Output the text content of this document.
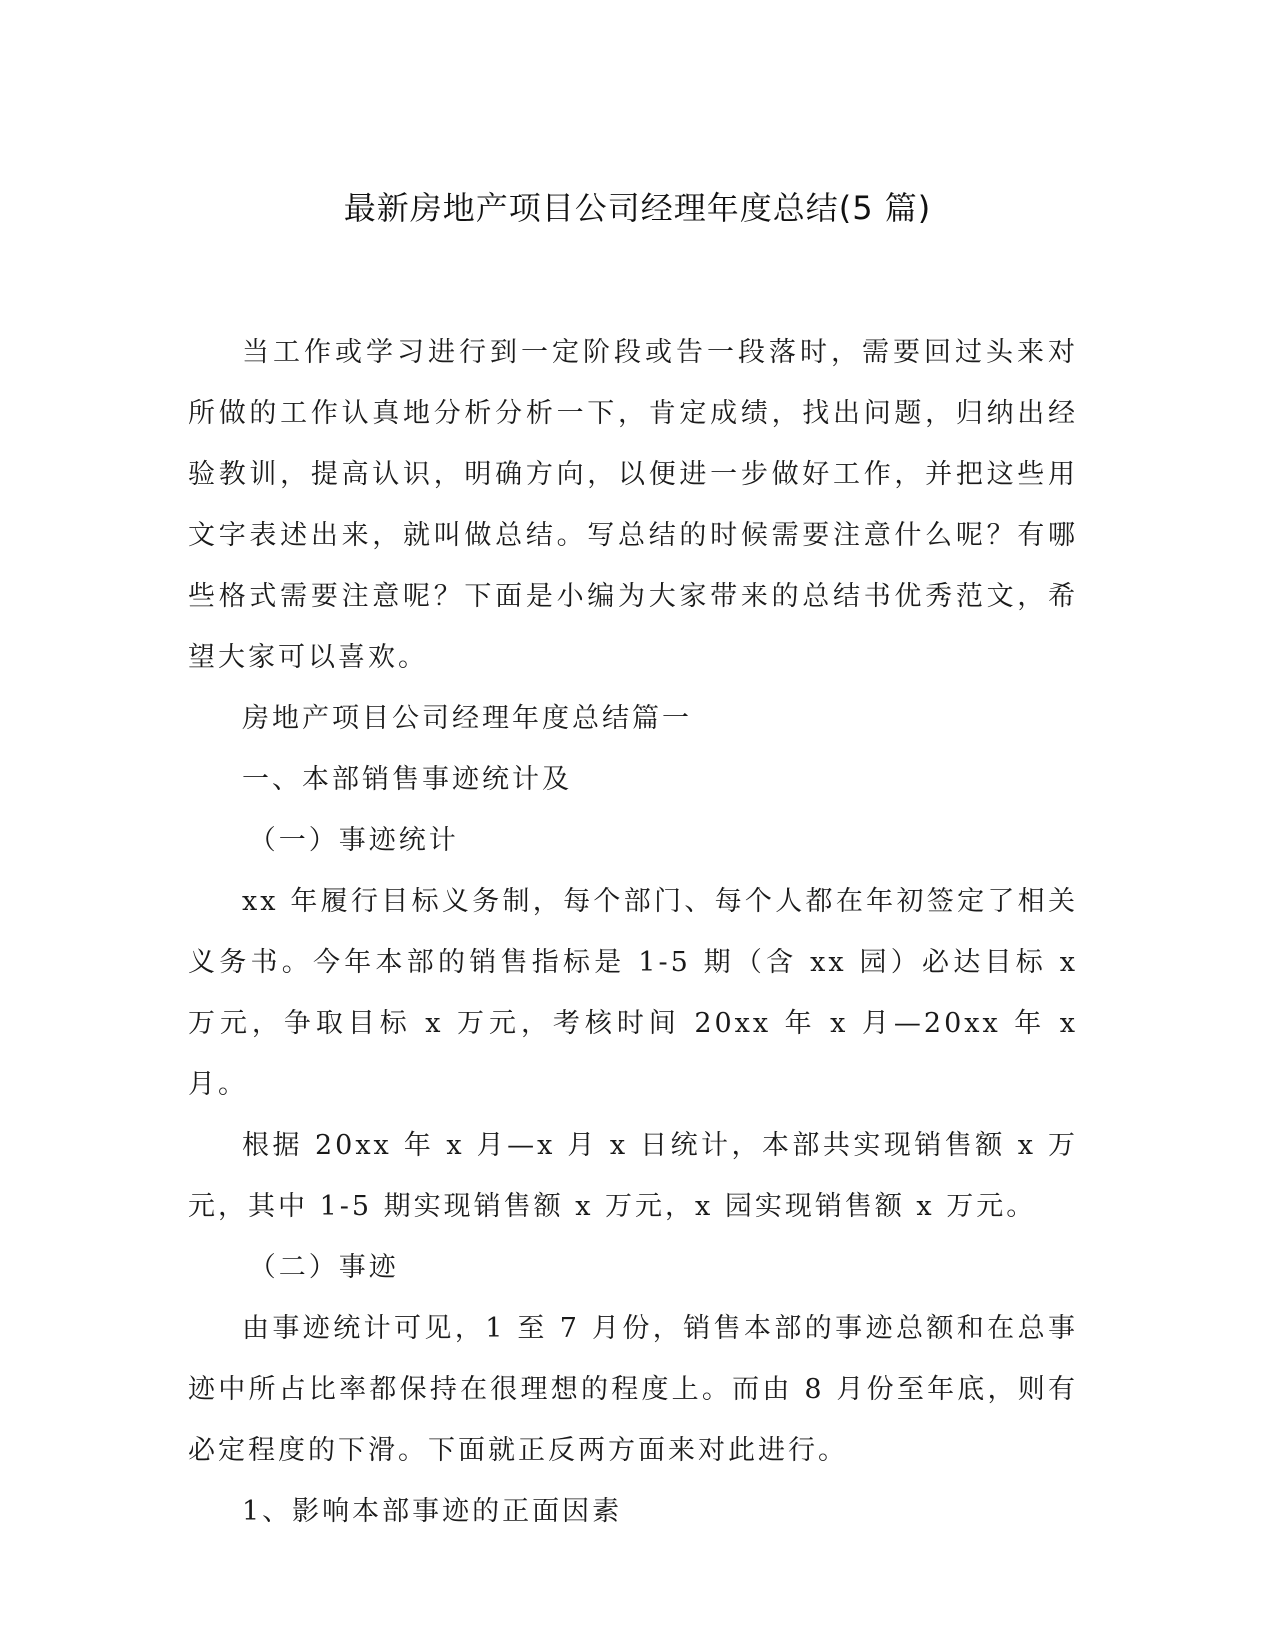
最新房地产项目公司经理年度总结(5 篇)

当工作或学习进行到一定阶段或告一段落时，需要回过头来对所做的工作认真地分析分析一下，肯定成绩，找出问题，归纳出经验教训，提高认识，明确方向，以便进一步做好工作，并把这些用文字表述出来，就叫做总结。写总结的时候需要注意什么呢？有哪些格式需要注意呢？下面是小编为大家带来的总结书优秀范文，希望大家可以喜欢。

房地产项目公司经理年度总结篇一

一、本部销售事迹统计及

（一）事迹统计

xx 年履行目标义务制，每个部门、每个人都在年初签定了相关义务书。今年本部的销售指标是 1-5 期（含 xx 园）必达目标 x 万元，争取目标 x 万元，考核时间 20xx 年 x 月—20xx 年 x 月。

根据 20xx 年 x 月—x 月 x 日统计，本部共实现销售额 x 万元，其中 1-5 期实现销售额 x 万元，x 园实现销售额 x 万元。

（二）事迹

由事迹统计可见，1 至 7 月份，销售本部的事迹总额和在总事迹中所占比率都保持在很理想的程度上。而由 8 月份至年底，则有必定程度的下滑。下面就正反两方面来对此进行。

1、影响本部事迹的正面因素
